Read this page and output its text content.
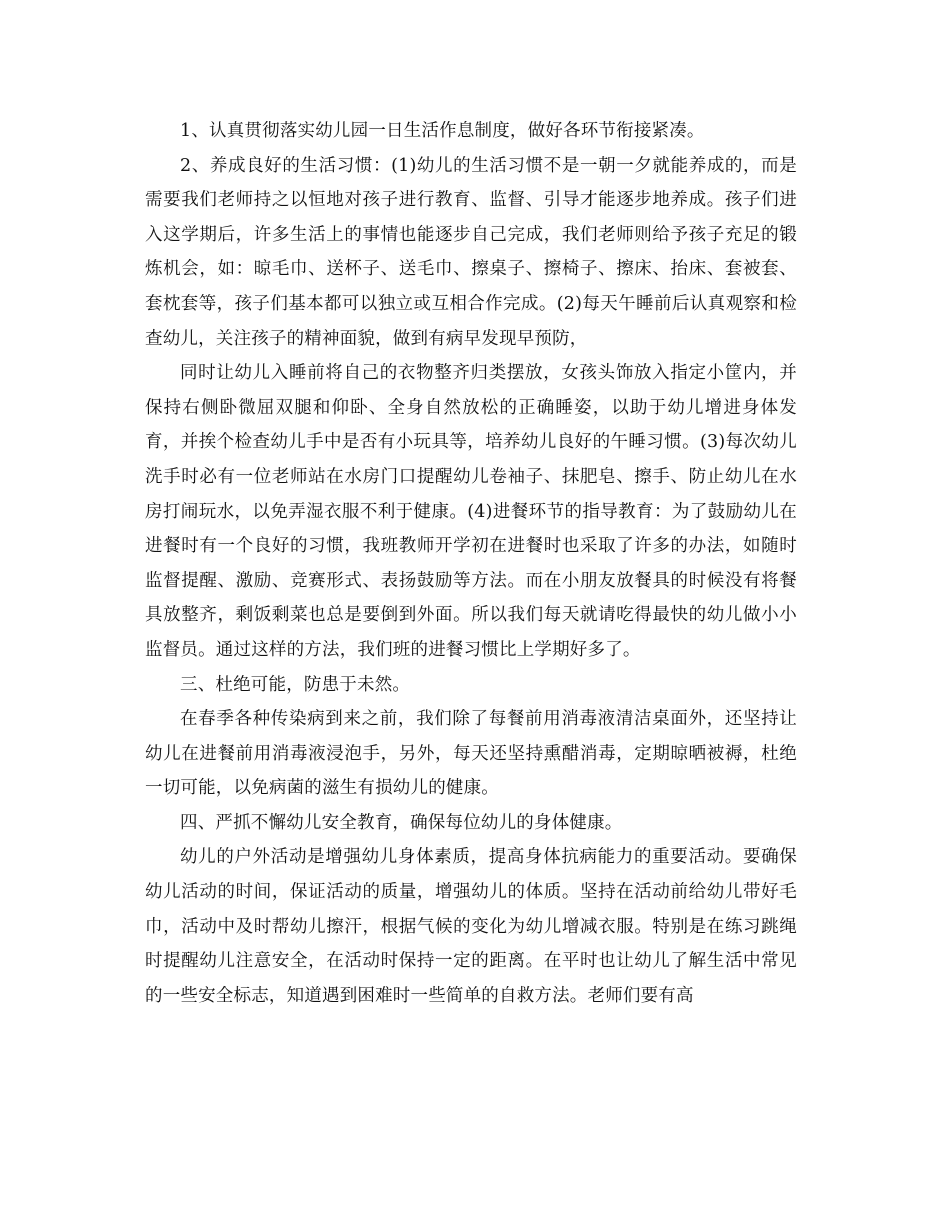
1、认真贯彻落实幼儿园一日生活作息制度，做好各环节衔接紧凑。

2、养成良好的生活习惯：(1)幼儿的生活习惯不是一朝一夕就能养成的，而是需要我们老师持之以恒地对孩子进行教育、监督、引导才能逐步地养成。孩子们进入这学期后，许多生活上的事情也能逐步自己完成，我们老师则给予孩子充足的锻炼机会，如：晾毛巾、送杯子、送毛巾、擦桌子、擦椅子、擦床、抬床、套被套、套枕套等，孩子们基本都可以独立或互相合作完成。(2)每天午睡前后认真观察和检查幼儿，关注孩子的精神面貌，做到有病早发现早预防，

同时让幼儿入睡前将自己的衣物整齐归类摆放，女孩头饰放入指定小筐内，并保持右侧卧微屈双腿和仰卧、全身自然放松的正确睡姿，以助于幼儿增进身体发育，并挨个检查幼儿手中是否有小玩具等，培养幼儿良好的午睡习惯。(3)每次幼儿洗手时必有一位老师站在水房门口提醒幼儿卷袖子、抹肥皂、擦手、防止幼儿在水房打闹玩水，以免弄湿衣服不利于健康。(4)进餐环节的指导教育：为了鼓励幼儿在进餐时有一个良好的习惯，我班教师开学初在进餐时也采取了许多的办法，如随时监督提醒、激励、竞赛形式、表扬鼓励等方法。而在小朋友放餐具的时候没有将餐具放整齐，剩饭剩菜也总是要倒到外面。所以我们每天就请吃得最快的幼儿做小小监督员。通过这样的方法，我们班的进餐习惯比上学期好多了。

三、杜绝可能，防患于未然。

在春季各种传染病到来之前，我们除了每餐前用消毒液清洁桌面外，还坚持让幼儿在进餐前用消毒液浸泡手，另外，每天还坚持熏醋消毒，定期晾晒被褥，杜绝一切可能，以免病菌的滋生有损幼儿的健康。

四、严抓不懈幼儿安全教育，确保每位幼儿的身体健康。

幼儿的户外活动是增强幼儿身体素质，提高身体抗病能力的重要活动。要确保幼儿活动的时间，保证活动的质量，增强幼儿的体质。坚持在活动前给幼儿带好毛巾，活动中及时帮幼儿擦汗，根据气候的变化为幼儿增减衣服。特别是在练习跳绳时提醒幼儿注意安全，在活动时保持一定的距离。在平时也让幼儿了解生活中常见的一些安全标志，知道遇到困难时一些简单的自救方法。老师们要有高
